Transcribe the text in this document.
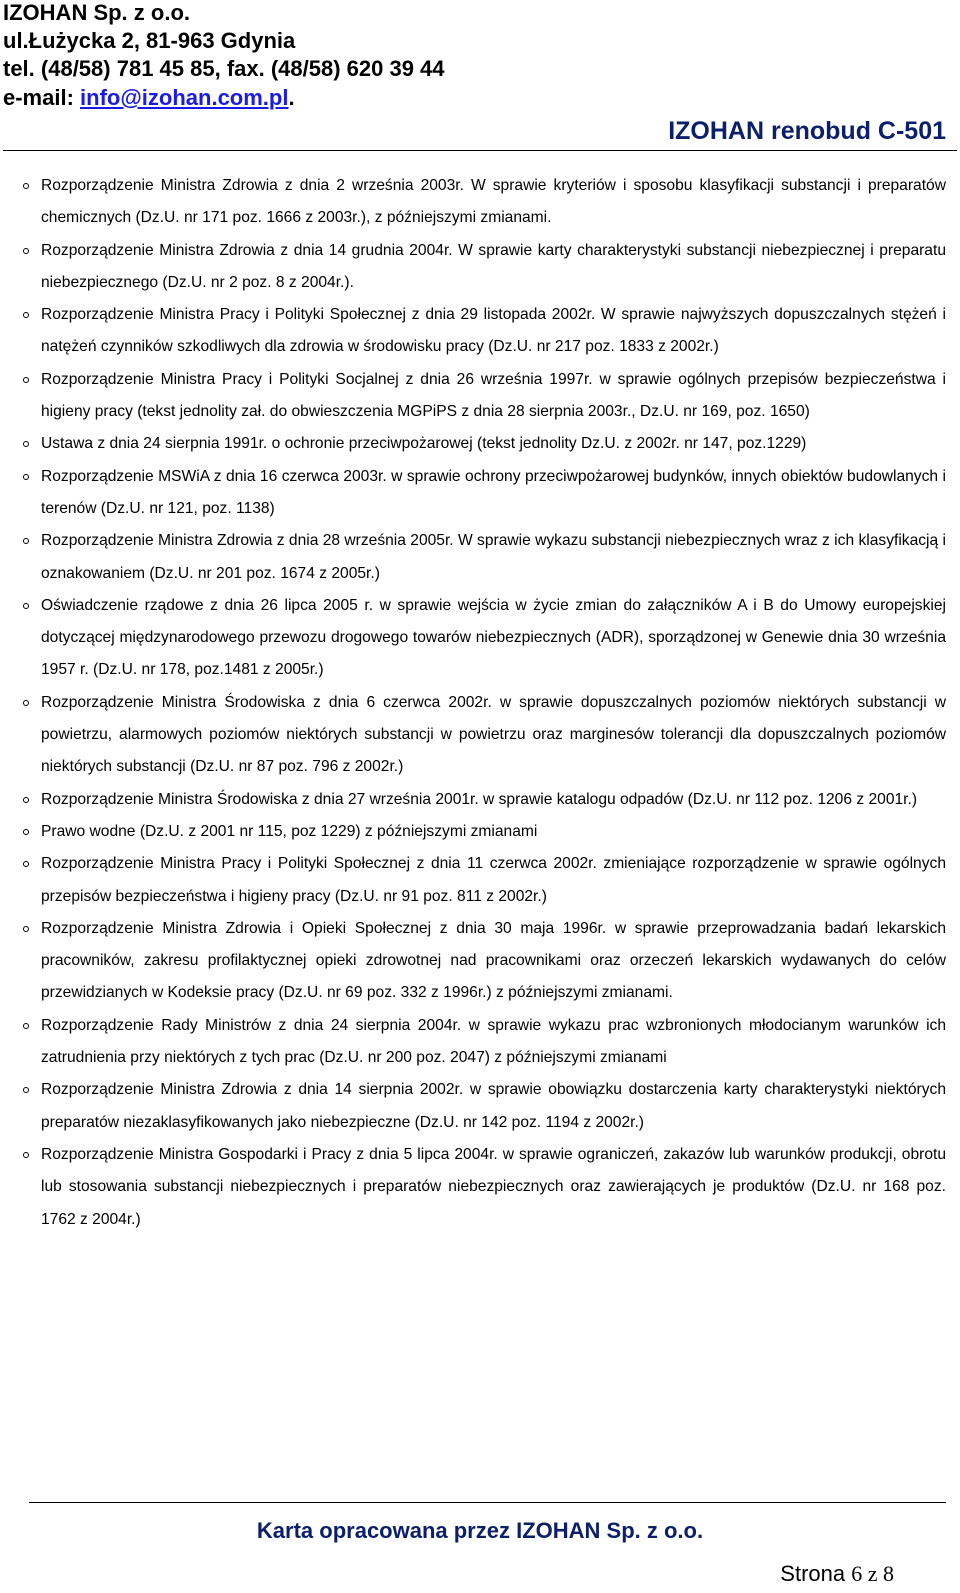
IZOHAN Sp. z o.o.
ul.Łużycka 2, 81-963 Gdynia
tel. (48/58) 781 45 85, fax. (48/58) 620 39 44
e-mail: info@izohan.com.pl.
IZOHAN renobud C-501
Rozporządzenie Ministra Zdrowia z dnia 2 września 2003r. W sprawie kryteriów i sposobu klasyfikacji substancji i preparatów chemicznych (Dz.U. nr 171 poz. 1666 z 2003r.), z późniejszymi zmianami.
Rozporządzenie Ministra Zdrowia z dnia 14 grudnia 2004r. W sprawie karty charakterystyki substancji niebezpiecznej i preparatu niebezpiecznego (Dz.U. nr 2 poz. 8 z 2004r.).
Rozporządzenie Ministra Pracy i Polityki Społecznej z dnia 29 listopada 2002r. W sprawie najwyższych dopuszczalnych stężeń i natężeń czynników szkodliwych dla zdrowia w środowisku pracy (Dz.U. nr 217 poz. 1833 z 2002r.)
Rozporządzenie Ministra Pracy i Polityki Socjalnej z dnia 26 września 1997r. w sprawie ogólnych przepisów bezpieczeństwa i higieny pracy (tekst jednolity zał. do obwieszczenia MGPiPS z dnia 28 sierpnia 2003r., Dz.U. nr 169, poz. 1650)
Ustawa z dnia 24 sierpnia 1991r. o ochronie przeciwpożarowej (tekst jednolity Dz.U. z 2002r. nr 147, poz.1229)
Rozporządzenie MSWiA z dnia 16 czerwca 2003r. w sprawie ochrony przeciwpożarowej budynków, innych obiektów budowlanych i terenów (Dz.U. nr 121, poz. 1138)
Rozporządzenie Ministra Zdrowia z dnia 28 września 2005r. W sprawie wykazu substancji niebezpiecznych wraz z ich klasyfikacją i oznakowaniem (Dz.U. nr 201 poz. 1674 z 2005r.)
Oświadczenie rządowe z dnia 26 lipca 2005 r. w sprawie wejścia w życie zmian do załączników A i B do Umowy europejskiej dotyczącej międzynarodowego przewozu drogowego towarów niebezpiecznych (ADR), sporządzonej w Genewie dnia 30 września 1957 r. (Dz.U. nr 178, poz.1481 z 2005r.)
Rozporządzenie Ministra Środowiska z dnia 6 czerwca 2002r. w sprawie dopuszczalnych poziomów niektórych substancji w powietrzu, alarmowych poziomów niektórych substancji w powietrzu oraz marginesów tolerancji dla dopuszczalnych poziomów niektórych substancji (Dz.U. nr 87 poz. 796 z 2002r.)
Rozporządzenie Ministra Środowiska z dnia 27 września 2001r. w sprawie katalogu odpadów (Dz.U. nr 112 poz. 1206 z 2001r.)
Prawo wodne (Dz.U. z 2001 nr 115, poz 1229) z późniejszymi zmianami
Rozporządzenie Ministra Pracy i Polityki Społecznej z dnia 11 czerwca 2002r. zmieniające rozporządzenie w sprawie ogólnych przepisów bezpieczeństwa i higieny pracy (Dz.U. nr 91 poz. 811 z 2002r.)
Rozporządzenie Ministra Zdrowia i Opieki Społecznej z dnia 30 maja 1996r. w sprawie przeprowadzania badań lekarskich pracowników, zakresu profilaktycznej opieki zdrowotnej nad pracownikami oraz orzeczeń lekarskich wydawanych do celów przewidzianych w Kodeksie pracy (Dz.U. nr 69 poz. 332 z 1996r.) z późniejszymi zmianami.
Rozporządzenie Rady Ministrów z dnia 24 sierpnia 2004r. w sprawie wykazu prac wzbronionych młodocianym warunków ich zatrudnienia przy niektórych z tych prac (Dz.U. nr 200 poz. 2047) z późniejszymi zmianami
Rozporządzenie Ministra Zdrowia z dnia 14 sierpnia 2002r. w sprawie obowiązku dostarczenia karty charakterystyki niektórych preparatów niezaklasyfikowanych jako niebezpieczne (Dz.U. nr 142 poz. 1194 z 2002r.)
Rozporządzenie Ministra Gospodarki i Pracy z dnia 5 lipca 2004r. w sprawie ograniczeń, zakazów lub warunków produkcji, obrotu lub stosowania substancji niebezpiecznych i preparatów niebezpiecznych oraz zawierających je produktów (Dz.U. nr 168 poz. 1762 z 2004r.)
Karta opracowana przez IZOHAN Sp. z o.o.
Strona 6 z 8
